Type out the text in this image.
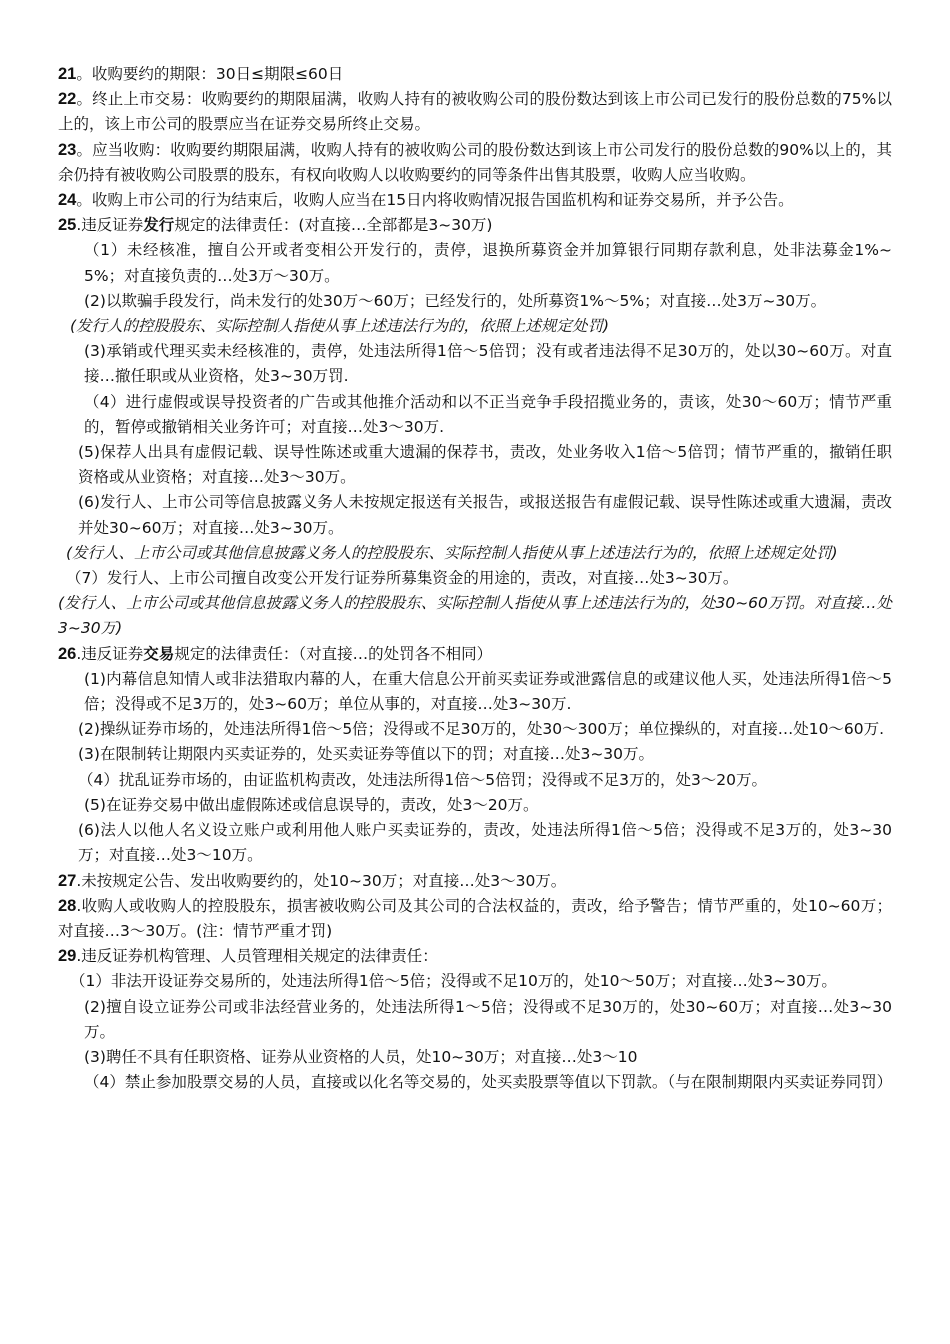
21。收购要约的期限：30日≤期限≤60日

22。终止上市交易：收购要约的期限届满，收购人持有的被收购公司的股份数达到该上市公司已发行的股份总数的75%以上的，该上市公司的股票应当在证券交易所终止交易。

23。应当收购：收购要约期限届满，收购人持有的被收购公司的股份数达到该上市公司发行的股份总数的90%以上的，其余仍持有被收购公司股票的股东，有权向收购人以收购要约的同等条件出售其股票，收购人应当收购。

24。收购上市公司的行为结束后，收购人应当在15日内将收购情况报告国监机构和证券交易所，并予公告。

25.违反证券发行规定的法律责任：(对直接…全部都是3~30万)

（1）未经核准，擅自公开或者变相公开发行的，责停，退换所募资金并加算银行同期存款利息，处非法募金1%~5%；对直接负责的…处3万～30万。

(2)以欺骗手段发行，尚未发行的处30万～60万；已经发行的，处所募资1%～5%；对直接…处3万~30万。

(发行人的控股股东、实际控制人指使从事上述违法行为的，依照上述规定处罚)

(3)承销或代理买卖未经核准的，责停，处违法所得1倍～5倍罚；没有或者违法得不足30万的，处以30~60万。对直接…撤任职或从业资格，处3~30万罚.

（4）进行虚假或误导投资者的广告或其他推介活动和以不正当竞争手段招揽业务的，责该，处30～60万；情节严重的，暂停或撤销相关业务许可；对直接…处3～30万.

(5)保荐人出具有虚假记载、误导性陈述或重大遗漏的保荐书，责改，处业务收入1倍～5倍罚；情节严重的，撤销任职资格或从业资格；对直接…处3～30万。

(6)发行人、上市公司等信息披露义务人未按规定报送有关报告，或报送报告有虚假记载、误导性陈述或重大遗漏，责改并处30~60万；对直接…处3~30万。

(发行人、上市公司或其他信息披露义务人的控股股东、实际控制人指使从事上述违法行为的，依照上述规定处罚)

（7）发行人、上市公司擅自改变公开发行证券所募集资金的用途的，责改，对直接…处3~30万。

(发行人、上市公司或其他信息披露义务人的控股股东、实际控制人指使从事上述违法行为的，处30~60万罚。对直接…处3~30万)

26.违反证券交易规定的法律责任：（对直接…的处罚各不相同）

(1)内幕信息知情人或非法猎取内幕的人，在重大信息公开前买卖证券或泄露信息的或建议他人买，处违法所得1倍～5倍；没得或不足3万的，处3~60万；单位从事的，对直接…处3~30万.

(2)操纵证券市场的，处违法所得1倍～5倍；没得或不足30万的，处30～300万；单位操纵的，对直接…处10～60万.

(3)在限制转让期限内买卖证券的，处买卖证券等值以下的罚；对直接…处3~30万。

（4）扰乱证券市场的，由证监机构责改，处违法所得1倍～5倍罚；没得或不足3万的，处3～20万。

(5)在证券交易中做出虚假陈述或信息误导的，责改，处3～20万。

(6)法人以他人名义设立账户或利用他人账户买卖证券的，责改，处违法所得1倍～5倍；没得或不足3万的，处3~30万；对直接…处3～10万。

27.未按规定公告、发出收购要约的，处10~30万；对直接…处3～30万。

28.收购人或收购人的控股股东，损害被收购公司及其公司的合法权益的，责改，给予警告；情节严重的，处10~60万；对直接…3～30万。(注：情节严重才罚)

29.违反证券机构管理、人员管理相关规定的法律责任：

（1）非法开设证券交易所的，处违法所得1倍～5倍；没得或不足10万的，处10～50万；对直接…处3~30万。

(2)擅自设立证券公司或非法经营业务的，处违法所得1～5倍；没得或不足30万的，处30~60万；对直接…处3~30万。

(3)聘任不具有任职资格、证券从业资格的人员，处10~30万；对直接…处3～10

（4）禁止参加股票交易的人员，直接或以化名等交易的，处买卖股票等值以下罚款。（与在限制期限内买卖证券同罚）
